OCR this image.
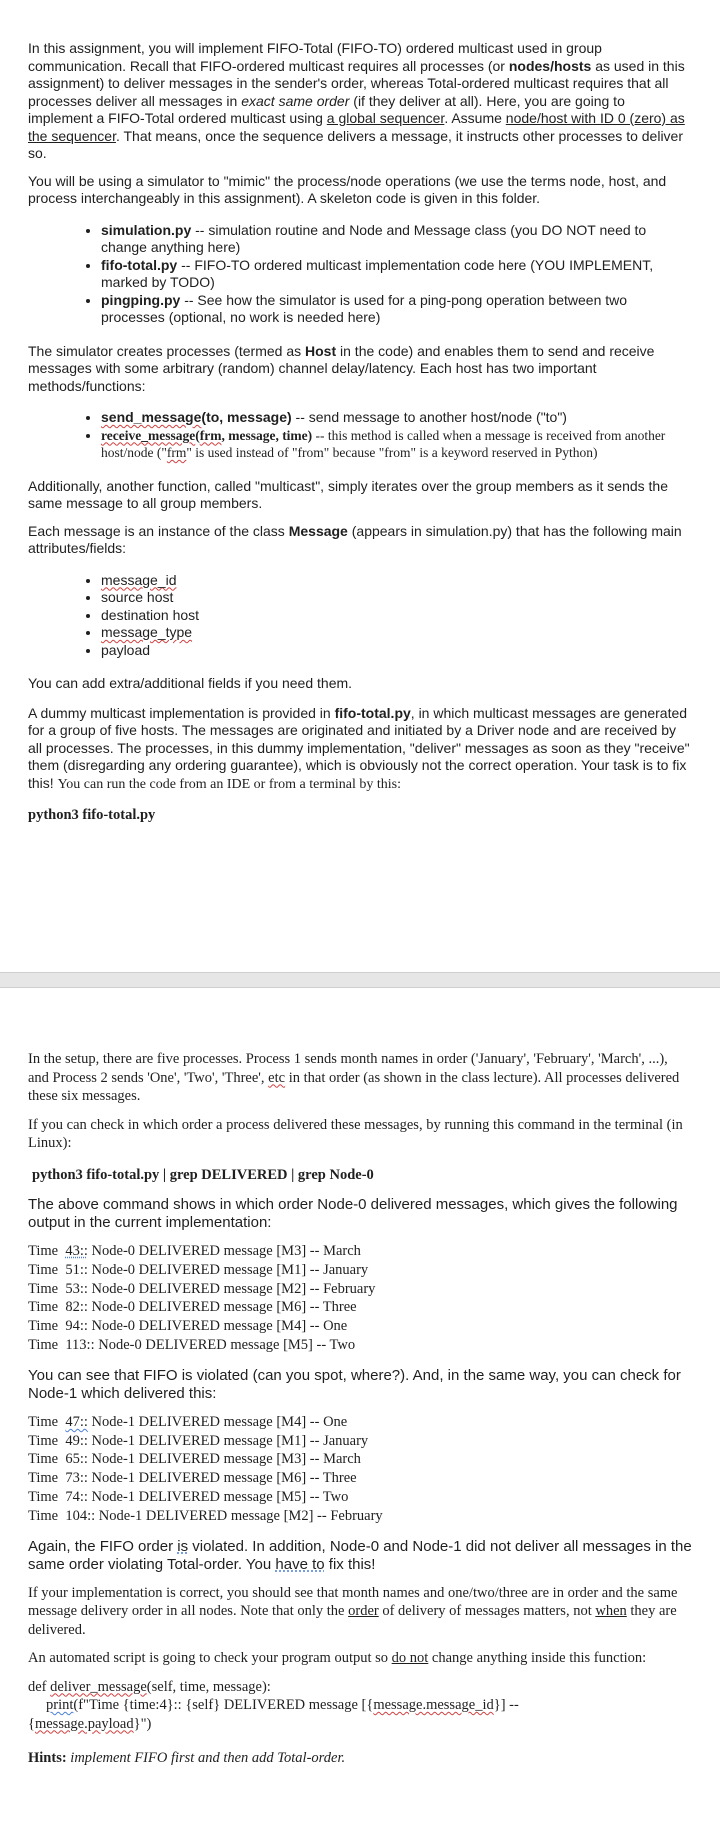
In this assignment, you will implement FIFO-Total (FIFO-TO) ordered multicast used in group communication. Recall that FIFO-ordered multicast requires all processes (or nodes/hosts as used in this assignment) to deliver messages in the sender's order, whereas Total-ordered multicast requires that all processes deliver all messages in exact same order (if they deliver at all). Here, you are going to implement a FIFO-Total ordered multicast using a global sequencer. Assume node/host with ID 0 (zero) as the sequencer. That means, once the sequence delivers a message, it instructs other processes to deliver so.

You will be using a simulator to "mimic" the process/node operations (we use the terms node, host, and process interchangeably in this assignment). A skeleton code is given in this folder.

• simulation.py -- simulation routine and Node and Message class (you DO NOT need to change anything here)
• fifo-total.py -- FIFO-TO ordered multicast implementation code here (YOU IMPLEMENT, marked by TODO)
• pingping.py -- See how the simulator is used for a ping-pong operation between two processes (optional, no work is needed here)

The simulator creates processes (termed as Host in the code) and enables them to send and receive messages with some arbitrary (random) channel delay/latency. Each host has two important methods/functions:

• send_message(to, message) -- send message to another host/node ("to")
• receive_message(frm, message, time) -- this method is called when a message is received from another host/node ("frm" is used instead of "from" because "from" is a keyword reserved in Python)

Additionally, another function, called "multicast", simply iterates over the group members as it sends the same message to all group members.

Each message is an instance of the class Message (appears in simulation.py) that has the following main attributes/fields:

• message_id
• source host
• destination host
• message_type
• payload

You can add extra/additional fields if you need them.

A dummy multicast implementation is provided in fifo-total.py, in which multicast messages are generated for a group of five hosts. The messages are originated and initiated by a Driver node and are received by all processes. The processes, in this dummy implementation, "deliver" messages as soon as they "receive" them (disregarding any ordering guarantee), which is obviously not the correct operation. Your task is to fix this! You can run the code from an IDE or from a terminal by this:

python3 fifo-total.py

In the setup, there are five processes. Process 1 sends month names in order ('January', 'February', 'March', ...), and Process 2 sends 'One', 'Two', 'Three', etc in that order (as shown in the class lecture). All processes delivered these six messages.

If you can check in which order a process delivered these messages, by running this command in the terminal (in Linux):

python3 fifo-total.py | grep DELIVERED | grep Node-0

The above command shows in which order Node-0 delivered messages, which gives the following output in the current implementation:

Time  43:: Node-0 DELIVERED message [M3] -- March
Time  51:: Node-0 DELIVERED message [M1] -- January
Time  53:: Node-0 DELIVERED message [M2] -- February
Time  82:: Node-0 DELIVERED message [M6] -- Three
Time  94:: Node-0 DELIVERED message [M4] -- One
Time  113:: Node-0 DELIVERED message [M5] -- Two

You can see that FIFO is violated (can you spot, where?). And, in the same way, you can check for Node-1 which delivered this:

Time  47:: Node-1 DELIVERED message [M4] -- One
Time  49:: Node-1 DELIVERED message [M1] -- January
Time  65:: Node-1 DELIVERED message [M3] -- March
Time  73:: Node-1 DELIVERED message [M6] -- Three
Time  74:: Node-1 DELIVERED message [M5] -- Two
Time  104:: Node-1 DELIVERED message [M2] -- February

Again, the FIFO order is violated. In addition, Node-0 and Node-1 did not deliver all messages in the same order violating Total-order. You have to fix this!

If your implementation is correct, you should see that month names and one/two/three are in order and the same message delivery order in all nodes. Note that only the order of delivery of messages matters, not when they are delivered.

An automated script is going to check your program output so do not change anything inside this function:

def deliver_message(self, time, message):

print(f"Time {time:4}:: {self} DELIVERED message [{message.message_id}] --

{message.payload}")

Hints: implement FIFO first and then add Total-order.
